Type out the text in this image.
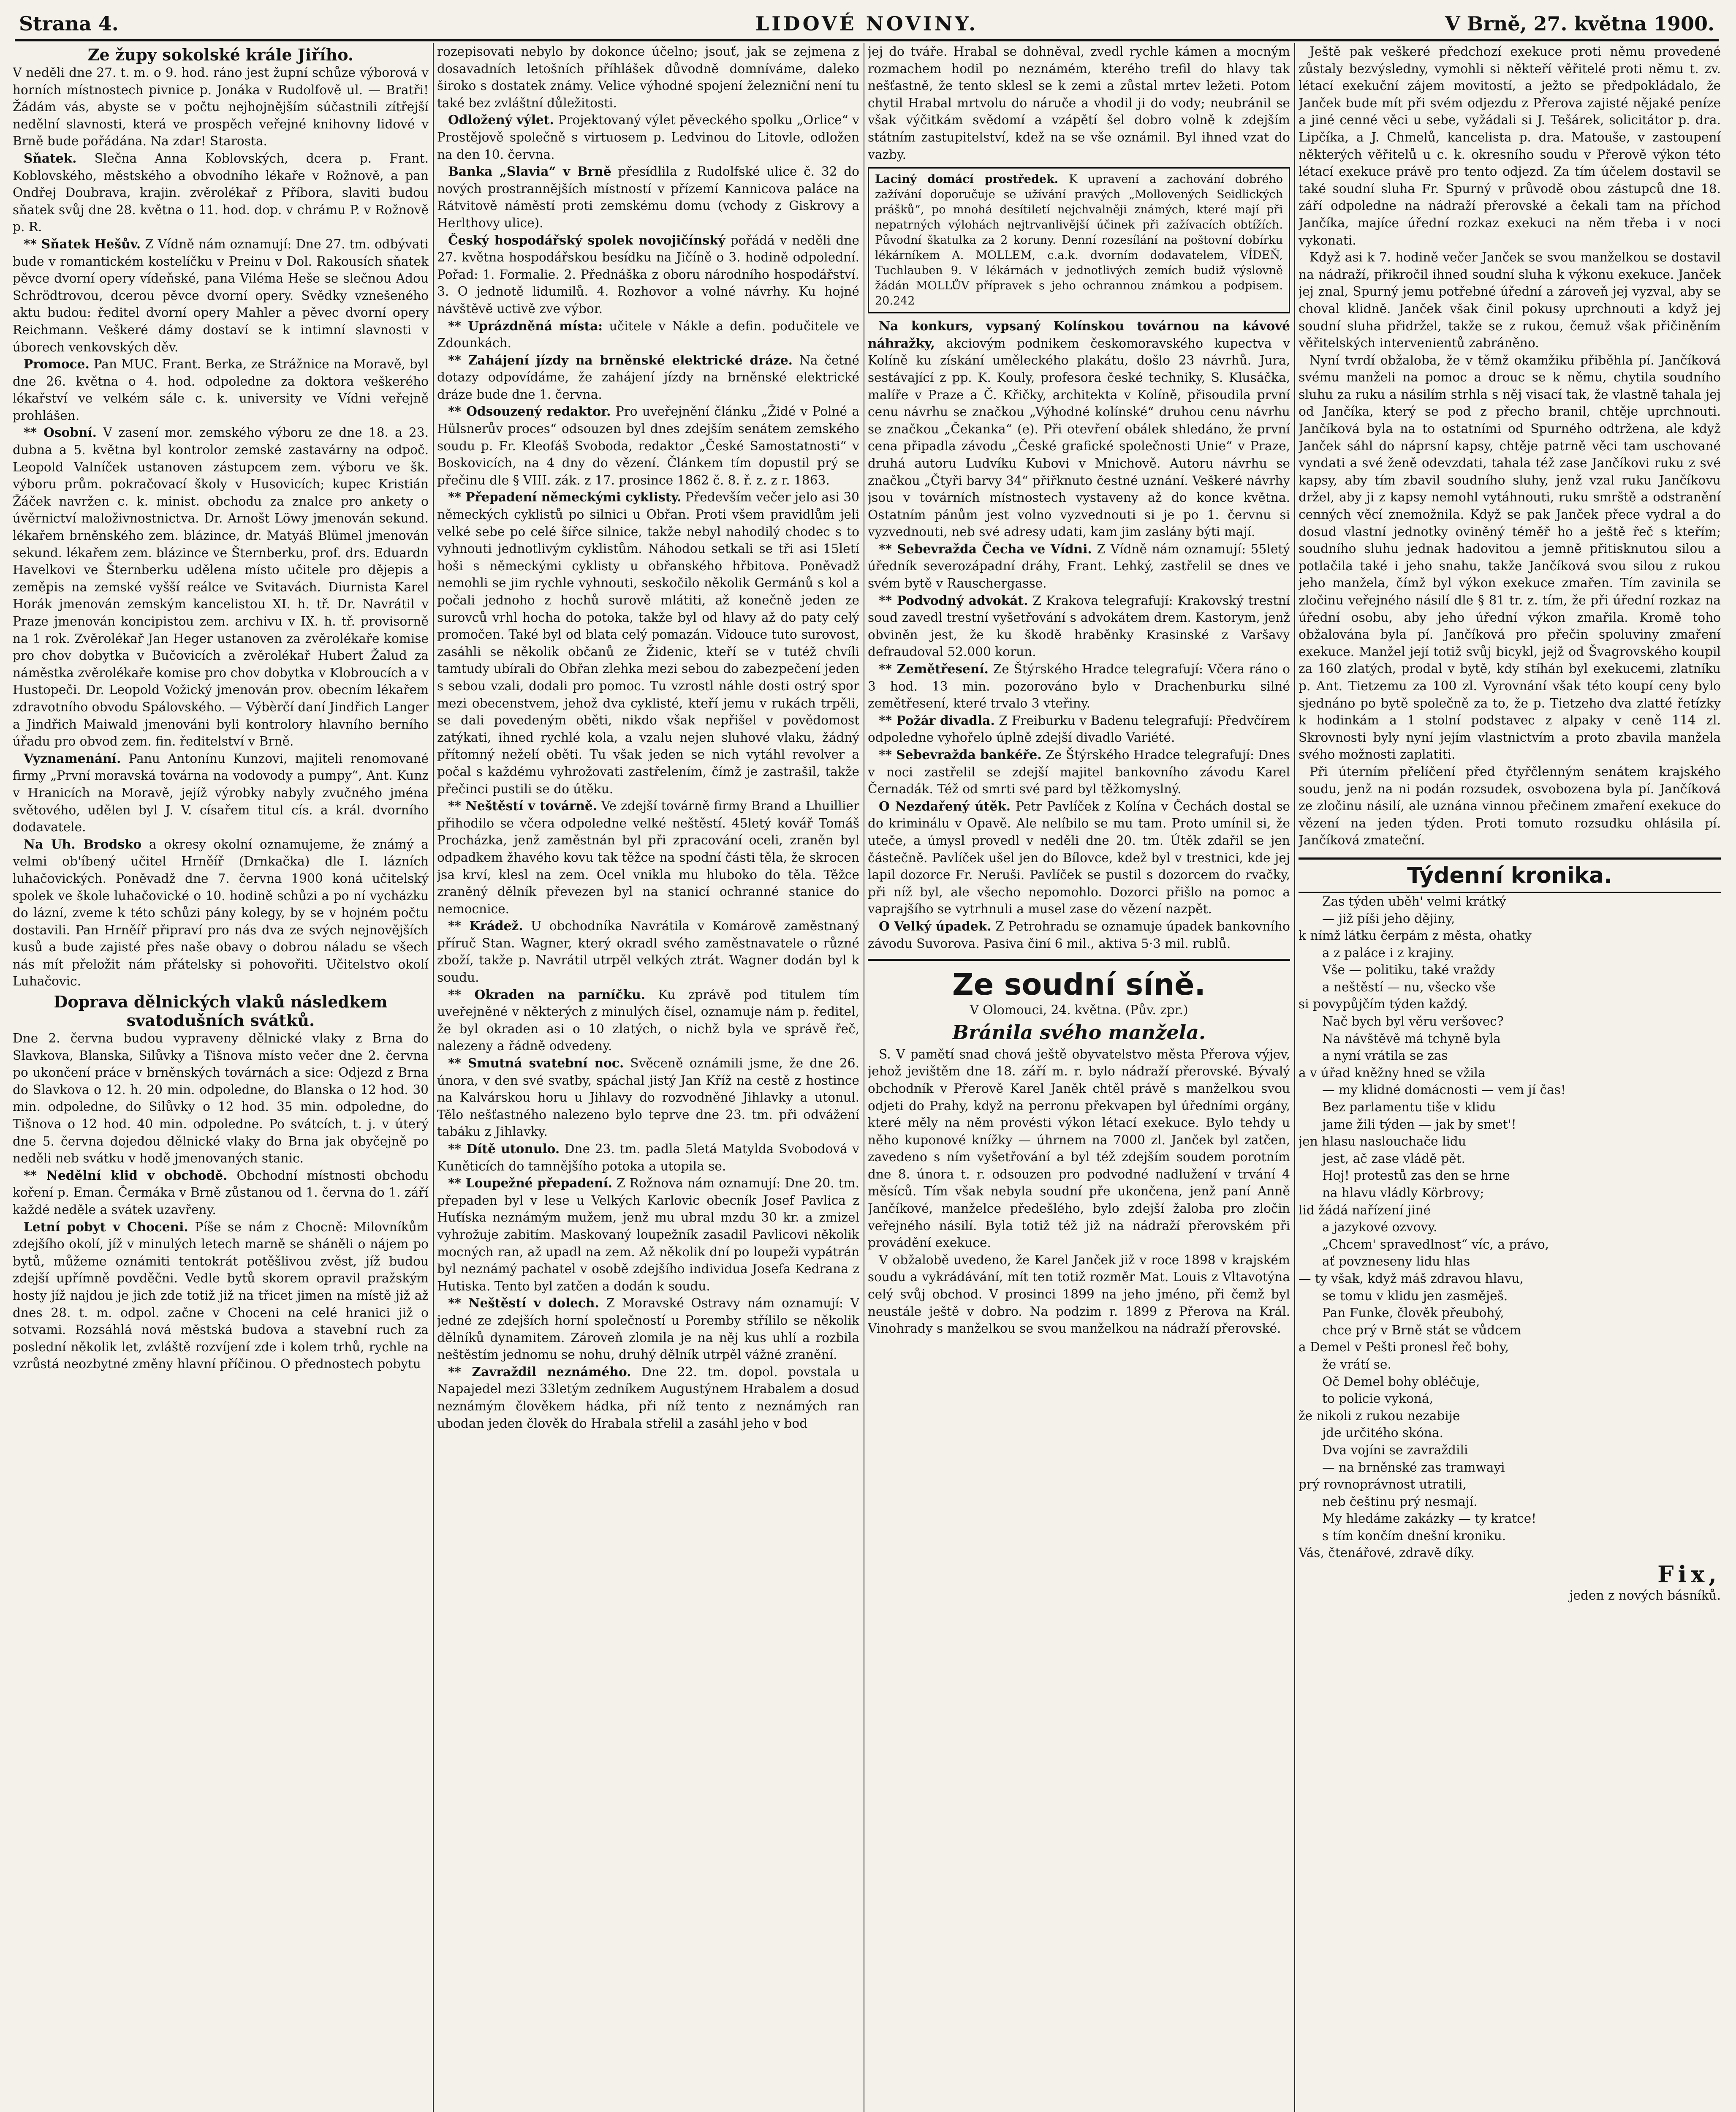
Strana 4.	LIDOVÉ NOVINY.	V Brně, 27. května 1900.
Ze župy sokolské krále Jiřího.

V neděli dne 27. t. m. o 9. hod. ráno jest župní schůze výborová v horních místnostech pivnice p. Jonáka v Rudolfově ul. — Bratři! Žádám vás, abyste se v počtu nejhojnějším súčastnili zítřejší nedělní slavnosti, která ve prospěch veřejné knihovny lidové v Brně bude pořádána. Na zdar! Starosta.

Sňatek. Slečna Anna Koblovských, dcera p. Frant. Koblovského, městského a obvodního lékaře v Rožnově, a pan Ondřej Doubrava, krajin. zvěrolékař z Příbora, slaviti budou sňatek svůj dne 28. května o 11. hod. dop. v chrámu P. v Rožnově p. R.

** Sňatek Hešův. Z Vídně nám oznamují: Dne 27. tm. odbývati bude v romantickém kostelíčku v Preinu v Dol. Rakousích sňatek pěvce dvorní opery vídeňské, pana Viléma Heše se slečnou Adou Schrödtrovou, dcerou pěvce dvorní opery. Svědky vznešeného aktu budou: ředitel dvorní opery Mahler a pěvec dvorní opery Reichmann. Veškeré dámy dostaví se k intimní slavnosti v úborech venkovských děv.

Promoce. Pan MUC. Frant. Berka, ze Strážnice na Moravě, byl dne 26. května o 4. hod. odpoledne za doktora veškerého lékařství ve velkém sále c. k. university ve Vídni veřejně prohlášen.

** Osobní. V zasení mor. zemského výboru ze dne 18. a 23. dubna a 5. května byl kontrolor zemské zastavárny na odpoč. Leopold Valníček ustanoven zástupcem zem. výboru ve šk. výboru prům. pokračovací školy v Husovicích; kupec Kristián Žáček navržen c. k. minist. obchodu za znalce pro ankety o úvěrnictví maloživnostnictva. Dr. Arnošt Löwy jmenován sekund. lékařem brněnského zem. blázince, dr. Matyáš Blümel jmenován sekund. lékařem zem. blázince ve Šternberku, prof. drs. Eduardn Havelkovi ve Šternberku udělena místo učitele pro dějepis a zeměpis na zemské vyšší reálce ve Svitavách. Diurnista Karel Horák jmenován zemským kancelistou XI. h. tř. Dr. Navrátil v Praze jmenován koncipistou zem. archivu v IX. h. tř. provisorně na 1 rok. Zvěrolékař Jan Heger ustanoven za zvěrolékaře komise pro chov dobytka v Bučovicích a zvěrolékař Hubert Žalud za náměstka zvěrolékaře komise pro chov dobytka v Klobroucích a v Hustopeči. Dr. Leopold Vožický jmenován prov. obecním lékařem zdravotního obvodu Spálovského. — Výbèrčí daní Jindřich Langer a Jindřich Maiwald jmenováni byli kontrolory hlavního berního úřadu pro obvod zem. fin. ředitelství v Brně.

Vyznamenání. Panu Antonínu Kunzovi, majiteli renomované firmy „První moravská továrna na vodovody a pumpy“, Ant. Kunz v Hranicích na Moravě, jejíž výrobky nabyly zvučného jména světového, udělen byl J. V. císařem titul cís. a král. dvorního dodavatele.

Na Uh. Brodsko a okresy okolní oznamujeme, že známý a velmi ob'íbený učitel Hrněíř (Drnkačka) dle I. lázních luhačovických. Poněvadž dne 7. června 1900 koná učitelský spolek ve škole luhačovické o 10. hodině schůzi a po ní vycházku do lázní, zveme k této schůzi pány kolegy, by se v hojném počtu dostavili. Pan Hrněíř připraví pro nás dva ze svých nejnovějších kusů a bude zajisté přes naše obavy o dobrou náladu se všech nás mít přeložit nám přátelsky si pohovořiti. Učitelstvo okolí Luhačovic.

Doprava dělnických vlaků následkem svatodušních svátků.

Dne 2. června budou vypraveny dělnické vlaky z Brna do Slavkova, Blanska, Silůvky a Tišnova místo večer dne 2. června po ukončení práce v brněnských továrnách a sice: Odjezd z Brna do Slavkova o 12. h. 20 min. odpoledne, do Blanska o 12 hod. 30 min. odpoledne, do Silůvky o 12 hod. 35 min. odpoledne, do Tišnova o 12 hod. 40 min. odpoledne. Po svátcích, t. j. v úterý dne 5. června dojedou dělnické vlaky do Brna jak obyčejně po neděli neb svátku v hodě jmenovaných stanic.

** Nedělní klid v obchodě. Obchodní místnosti obchodu koření p. Eman. Čermáka v Brně zůstanou od 1. června do 1. září každé neděle a svátek uzavřeny.

Letní pobyt v Choceni. Píše se nám z Chocně: Milovníkům zdejšího okolí, jíž v minulých letech marně se sháněli o nájem po bytů, můžeme oznámiti tentokrát potěšlivou zvěst, jíž budou zdejší upřímně povděčni. Vedle bytů skorem opravil pražským hosty jíž najdou je jich zde totiž již na třicet jimen na místě již až dnes 28. t. m. odpol. začne v Choceni na celé hranici již o sotvami. Rozsáhlá nová městská budova a stavební ruch za poslední několik let, zvláště rozvíjení zde i kolem trhů, rychle na vzrůstá neozbytné změny hlavní příčinou. O přednostech pobytu

rozepisovati nebylo by dokonce účelno; jsouť, jak se zejmena z dosavadních letošních příhlášek důvodně domníváme, daleko široko s dostatek známy. Velice výhodné spojení železniční není tu také bez zvláštní důležitosti.

Odložený výlet. Projektovaný výlet pěveckého spolku „Orlice“ v Prostějově společně s virtuosem p. Ledvinou do Litovle, odložen na den 10. června.

Banka „Slavia“ v Brně přesídlila z Rudolfské ulice č. 32 do nových prostrannějších místností v přízemí Kannicova paláce na Rátvitově náměstí proti zemskému domu (vchody z Giskrovy a Herlthovy ulice).

Český hospodářský spolek novojičínský pořádá v neděli dne 27. května hospodářskou besídku na Jičíně o 3. hodině odpolední. Pořad: 1. Formalie. 2. Přednáška z oboru národního hospodářství. 3. O jednotě lidumilů. 4. Rozhovor a volné návrhy. Ku hojné návštěvě uctivě zve výbor.

** Uprázdněná místa: učitele v Nákle a defin. podučitele ve Zdounkách.

** Zahájení jízdy na brněnské elektrické dráze. Na četné dotazy odpovídáme, že zahájení jízdy na brněnské elektrické dráze bude dne 1. června.

** Odsouzený redaktor. Pro uveřejnění článku „Židé v Polné a Hülsnerův proces“ odsouzen byl dnes zdejším senátem zemského soudu p. Fr. Kleofáš Svoboda, redaktor „České Samostatnosti“ v Boskovicích, na 4 dny do vězení. Článkem tím dopustil prý se přečinu dle § VIII. zák. z 17. prosince 1862 č. 8. ř. z. z r. 1863.

** Přepadení německými cyklisty. Především večer jelo asi 30 německých cyklistů po silnici u Obřan. Proti všem pravidlům jeli velké sebe po celé šířce silnice, takže nebyl nahodilý chodec s to vyhnouti jednotlivým cyklistům. Náhodou setkali se tři asi 15letí hoši s německými cyklisty u obřanského hřbitova. Poněvadž nemohli se jim rychle vyhnouti, seskočilo několik Germánů s kol a počali jednoho z hochů surově mlátiti, až konečně jeden ze surovců vrhl hocha do potoka, takže byl od hlavy až do paty celý promočen. Také byl od blata celý pomazán. Vidouce tuto surovost, zasáhli se několik občanů ze Židenic, kteří se v tutéž chvíli tamtudy ubírali do Obřan zlehka mezi sebou do zabezpečení jeden s sebou vzali, dodali pro pomoc. Tu vzrostl náhle dosti ostrý spor mezi obecenstvem, jehož dva cyklisté, kteří jemu v rukách trpěli, se dali povedeným oběti, nikdo však nepřišel v povědomost zatýkati, ihned rychlé kola, a vzalu nejen sluhové vlaku, žádný přítomný neželí oběti. Tu však jeden se nich vytáhl revolver a počal s každému vyhrožovati zastřelením, čímž je zastrašil, takže přečinci pustili se do útěku.

** Neštěstí v továrně. Ve zdejší továrně firmy Brand a Lhuillier přihodilo se včera odpoledne velké neštěstí. 45letý kovář Tomáš Procházka, jenž zaměstnán byl při zpracování oceli, zraněn byl odpadkem žhavého kovu tak těžce na spodní části těla, že skrocen jsa krví, klesl na zem. Ocel vnikla mu hluboko do těla. Těžce zraněný dělník převezen byl na stanicí ochranné stanice do nemocnice.

** Krádež. U obchodníka Navrátila v Komárově zaměstnaný příruč Stan. Wagner, který okradl svého zaměstnavatele o různé zboží, takže p. Navrátil utrpěl velkých ztrát. Wagner dodán byl k soudu.

** Okraden na parníčku. Ku zprávě pod titulem tím uveřejněné v některých z minulých čísel, oznamuje nám p. ředitel, že byl okraden asi o 10 zlatých, o nichž byla ve správě řeč, nalezeny a řádně odvedeny.

** Smutná svatební noc. Svěceně oznámili jsme, že dne 26. února, v den své svatby, spáchal jistý Jan Kříž na cestě z hostince na Kalvárskou horu u Jihlavy do rozvodněné Jihlavky a utonul. Tělo nešťastného nalezeno bylo teprve dne 23. tm. při odvážení tabáku z Jihlavky.

** Dítě utonulo. Dne 23. tm. padla 5letá Matylda Svobodová v Kuněticích do tamnějšího potoka a utopila se.

** Loupežné přepadení. Z Rožnova nám oznamují: Dne 20. tm. přepaden byl v lese u Velkých Karlovic obecník Josef Pavlica z Huťíska neznámým mužem, jenž mu ubral mzdu 30 kr. a zmizel vyhrožuje zabitím. Maskovaný loupežník zasadil Pavlicovi několik mocných ran, až upadl na zem. Až několik dní po loupeži vypátrán byl neznámý pachatel v osobě zdejšího individua Josefa Kedrana z Hutiska. Tento byl zatčen a dodán k soudu.

** Neštěstí v dolech. Z Moravské Ostravy nám oznamují: V jedné ze zdejších horní společností u Poremby střílilo se několik dělníků dynamitem. Zároveň zlomila je na něj kus uhlí a rozbila neštěstím jednomu se nohu, druhý dělník utrpěl vážné zranění.

** Zavraždil neznámého. Dne 22. tm. dopol. povstala u Napajedel mezi 33letým zedníkem Augustýnem Hrabalem a dosud neznámým člověkem hádka, při níž tento z neznámých ran ubodan jeden člověk do Hrabala střelil a zasáhl jeho v bod

jej do tváře. Hrabal se dohněval, zvedl rychle kámen a mocným rozmachem hodil po neznámém, kterého trefil do hlavy tak nešťastně, že tento sklesl se k zemi a zůstal mrtev ležeti. Potom chytil Hrabal mrtvolu do náruče a vhodil ji do vody; neubránil se však výčitkám svědomí a vzápětí šel dobro volně k zdejším státním zastupitelství, kdež na se vše oznámil. Byl ihned vzat do vazby.

Laciný domácí prostředek. K upravení a zachování dobrého zažívání doporučuje se užívání pravých „Mollovených Seidlických prášků“, po mnohá desítiletí nejchvalněji známých, které mají při nepatrných výlohách nejtrvanlivější účinek při zažívacích obtížích. Původní škatulka za 2 koruny. Denní rozesílání na poštovní dobírku lékárníkem A. MOLLEM, c.a.k. dvorním dodavatelem, VÍDEŇ, Tuchlauben 9. V lékárnách v jednotlivých zemích budiž výslovně žádán MOLLŮV přípravek s jeho ochrannou známkou a podpisem. 20.242

Na konkurs, vypsaný Kolínskou továrnou na kávové náhražky, akciovým podnikem českomoravského kupectva v Kolíně ku získání uměleckého plakátu, došlo 23 návrhů. Jura, sestávající z pp. K. Kouly, profesora české techniky, S. Klusáčka, malíře v Praze a Č. Křičky, architekta v Kolíně, přisoudila první cenu návrhu se značkou „Výhodné kolínské“ druhou cenu návrhu se značkou „Čekanka“ (e). Při otevření obálek shledáno, že první cena připadla závodu „České grafické společnosti Unie“ v Praze, druhá autoru Ludvíku Kubovi v Mnichově. Autoru návrhu se značkou „Čtyři barvy 34“ přiřknuto čestné uznání. Veškeré návrhy jsou v továrních místnostech vystaveny až do konce května. Ostatním pánům jest volno vyzvednouti si je po 1. červnu si vyzvednouti, neb své adresy udati, kam jim zaslány býti mají.

** Sebevražda Čecha ve Vídni. Z Vídně nám oznamují: 55letý úředník severozápadní dráhy, Frant. Lehký, zastřelil se dnes ve svém bytě v Rauschergasse.

** Podvodný advokát. Z Krakova telegrafují: Krakovský trestní soud zavedl trestní vyšetřování s advokátem drem. Kastorym, jenž obviněn jest, že ku škodě hraběnky Krasinské z Varšavy defraudoval 52.000 korun.

** Zemětřesení. Ze Štýrského Hradce telegrafují: Včera ráno o 3 hod. 13 min. pozorováno bylo v Drachenburku silné zemětřesení, které trvalo 3 vteřiny.

** Požár divadla. Z Freiburku v Badenu telegrafují: Předvčírem odpoledne vyhořelo úplně zdejší divadlo Variété.

** Sebevražda bankéře. Ze Štýrského Hradce telegrafují: Dnes v noci zastřelil se zdejší majitel bankovního závodu Karel Černadák. Též od smrti své pard byl těžkomyslný.

O Nezdařený útěk. Petr Pavlíček z Kolína v Čechách dostal se do kriminálu v Opavě. Ale nelíbilo se mu tam. Proto umínil si, že uteče, a úmysl provedl v neděli dne 20. tm. Útěk zdařil se jen částečně. Pavlíček ušel jen do Bílovce, kdež byl v trestnici, kde jej lapil dozorce Fr. Neruši. Pavlíček se pustil s dozorcem do rvačky, při níž byl, ale všecho nepomohlo. Dozorci přišlo na pomoc a vaprajšího se vytrhnuli a musel zase do vězení nazpět.

O Velký úpadek. Z Petrohradu se oznamuje úpadek bankovního závodu Suvorova. Pasiva činí 6 mil., aktiva 5·3 mil. rublů.

Ze soudní síně.

V Olomouci, 24. května. (Pův. zpr.)

Bránila svého manžela.

S. V pamětí snad chová ještě obyvatelstvo města Přerova výjev, jehož jevištěm dne 18. září m. r. bylo nádraží přerovské. Bývalý obchodník v Přerově Karel Janěk chtěl právě s manželkou svou odjeti do Prahy, když na perronu překvapen byl úředními orgány, které měly na něm provésti výkon létací exekuce. Bylo tehdy u něho kuponové knížky — úhrnem na 7000 zl. Janček byl zatčen, zavedeno s ním vyšetřování a byl též zdejším soudem porotním dne 8. února t. r. odsouzen pro podvodné nadlužení v trvání 4 měsíců. Tím však nebyla soudní pře ukončena, jenž paní Anně Jančíkové, manželce předešlého, bylo zdejší žaloba pro zločin veřejného násilí. Byla totiž též již na nádraží přerovském při provádění exekuce.

V obžalobě uvedeno, že Karel Janček již v roce 1898 v krajském soudu a vykrádávání, mít ten totiž rozměr Mat. Louis z Vltavotýna celý svůj obchod. V prosinci 1899 na jeho jméno, při čemž byl neustále ještě v dobro. Na podzim r. 1899 z Přerova na Král. Vinohrady s manželkou se svou manželkou na nádraží přerovské.

Ještě pak veškeré předchozí exekuce proti němu provedené zůstaly bezvýsledny, vymohli si někteří věřitelé proti němu t. zv. létací exekuční zájem movitostí, a ježto se předpokládalo, že Janček bude mít při svém odjezdu z Přerova zajisté nějaké peníze a jiné cenné věci u sebe, vyžádali si J. Tešárek, solicitátor p. dra. Lipčíka, a J. Chmelů, kancelista p. dra. Matouše, v zastoupení některých věřitelů u c. k. okresního soudu v Přerově výkon této létací exekuce právě pro tento odjezd. Za tím účelem dostavil se také soudní sluha Fr. Spurný v průvodě obou zástupců dne 18. září odpoledne na nádraží přerovské a čekali tam na příchod Jančíka, majíce úřední rozkaz exekuci na něm třeba i v noci vykonati.

Když asi k 7. hodině večer Janček se svou manželkou se dostavil na nádraží, přikročil ihned soudní sluha k výkonu exekuce. Janček jej znal, Spurný jemu potřebné úřední a zároveň jej vyzval, aby se choval klidně. Janček však činil pokusy uprchnouti a když jej soudní sluha přidržel, takže se z rukou, čemuž však přičiněním věřitelských intervenientů zabráněno.

Nyní tvrdí obžaloba, že v těmž okamžiku přiběhla pí. Jančíková svému manželi na pomoc a drouc se k němu, chytila soudního sluhu za ruku a násilím strhla s něj visací tak, že vlastně tahala jej od Jančíka, který se pod z přecho branil, chtěje uprchnouti. Jančíková byla na to ostatními od Spurného odtržena, ale když Janček sáhl do náprsní kapsy, chtěje patrně věci tam uschované vyndati a své ženě odevzdati, tahala též zase Jančíkovi ruku z své kapsy, aby tím zbavil soudního sluhy, jenž vzal ruku Jančíkovu držel, aby ji z kapsy nemohl vytáhnouti, ruku smrště a odstranění cenných věcí znemožnila. Když se pak Janček přece vydral a do dosud vlastní jednotky oviněný téměř ho a ještě řeč s kteřím; soudního sluhu jednak hadovitou a jemně přitisknutou silou a potlačila také i jeho snahu, takže Jančíková svou silou z rukou jeho manžela, čímž byl výkon exekuce zmařen. Tím zavinila se zločinu veřejného násilí dle § 81 tr. z. tím, že při úřední rozkaz na úřední osobu, aby jeho úřední výkon zmařila. Kromě toho obžalována byla pí. Jančíková pro přečin spoluviny zmaření exekuce. Manžel její totiž svůj bicykl, jejž od Švagrovského koupil za 160 zlatých, prodal v bytě, kdy stíhán byl exekucemi, zlatníku p. Ant. Tietzemu za 100 zl. Vyrovnání však této koupí ceny bylo sjednáno po bytě společně za to, že p. Tietzeho dva zlatté řetízky k hodinkám a 1 stolní podstavec z alpaky v ceně 114 zl. Skrovnosti byly nyní jejím vlastnictvím a proto zbavila manžela svého možnosti zaplatiti.

Při úterním přelíčení před čtyřčlenným senátem krajského soudu, jenž na ni podán rozsudek, osvobozena byla pí. Jančíková ze zločinu násilí, ale uznána vinnou přečinem zmaření exekuce do vězení na jeden týden. Proti tomuto rozsudku ohlásila pí. Jančíková zmateční.

Týdenní kronika.

Zas týden uběh' velmi krátký

— již píši jeho dějiny,

k nímž látku čerpám z města, ohatky

a z paláce i z krajiny.

Vše — politiku, také vraždy

a neštěstí — nu, všecko vše

si povypůjčím týden každý.

Nač bych byl věru veršovec?

Na návštěvě má tchyně byla

a nyní vrátila se zas

a v úřad kněžny hned se vžila

— my klidné domácnosti — vem jí čas!

Bez parlamentu tiše v klidu

jame žili týden — jak by smet'!

jen hlasu naslouchače lidu

jest, ač zase vládě pět.

Hoj! protestů zas den se hrne

na hlavu vládly Körbrovy;

lid žádá nařízení jiné

a jazykové ozvovy.

„Chcem' spravedlnost“ víc, a právo,

ať povzneseny lidu hlas

— ty však, když máš zdravou hlavu,

se tomu v klidu jen zasměješ.

Pan Funke, člověk přeubohý,

chce prý v Brně stát se vůdcem

a Demel v Pešti pronesl řeč bohy,

že vrátí se.

Oč Demel bohy obléčuje,

to policie vykoná,

že nikoli z rukou nezabije

jde určitého skóna.

Dva vojíni se zavraždili

— na brněnské zas tramwayi

prý rovnoprávnost utratili,

neb češtinu prý nesmají.

My hledáme zakázky — ty kratce!

s tím končím dnešní kroniku.

Vás, čtenářové, zdravě díky.

Fix,

jeden z nových básníků.
